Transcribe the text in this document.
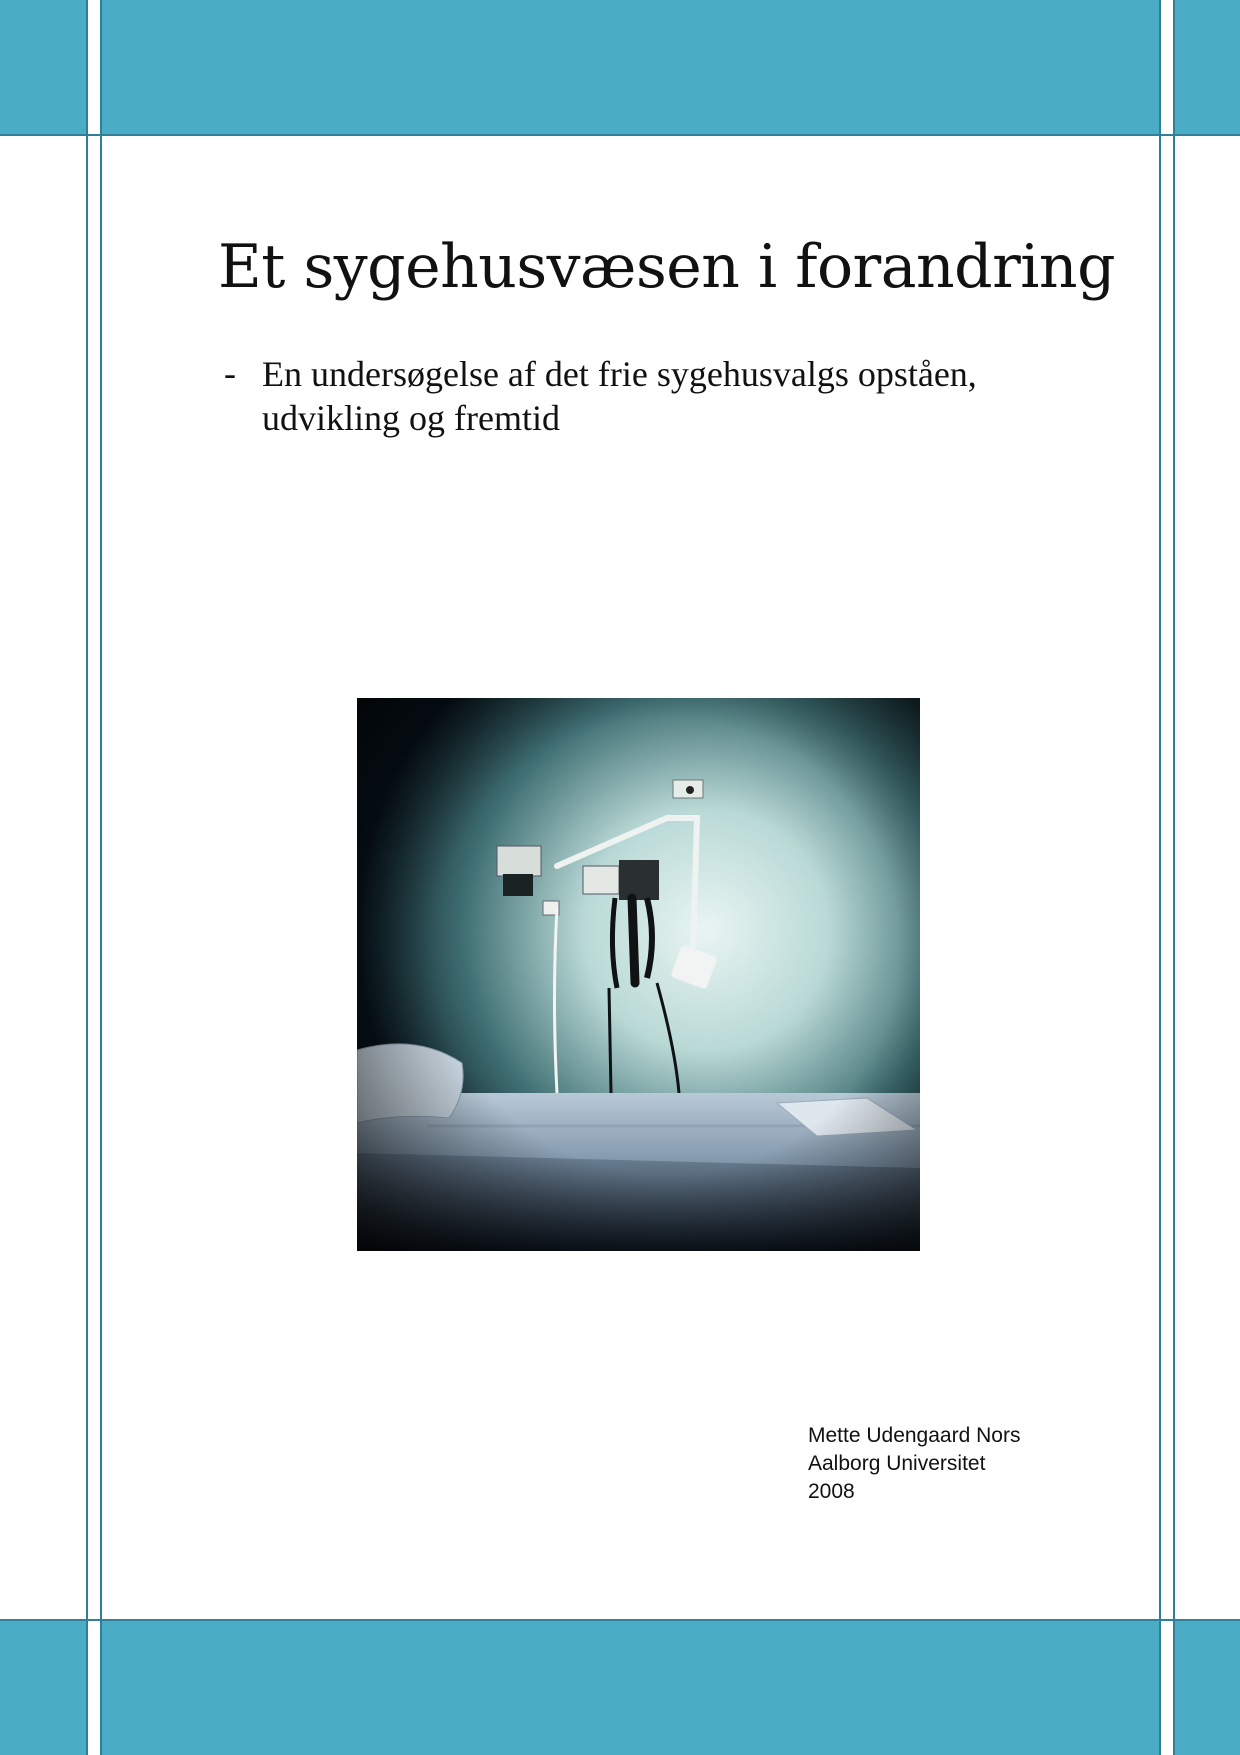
Et sygehusvæsen i forandring
- En undersøgelse af det frie sygehusvalgs opståen, udvikling og fremtid
Mette Udengaard Nors
Aalborg Universitet
2008
